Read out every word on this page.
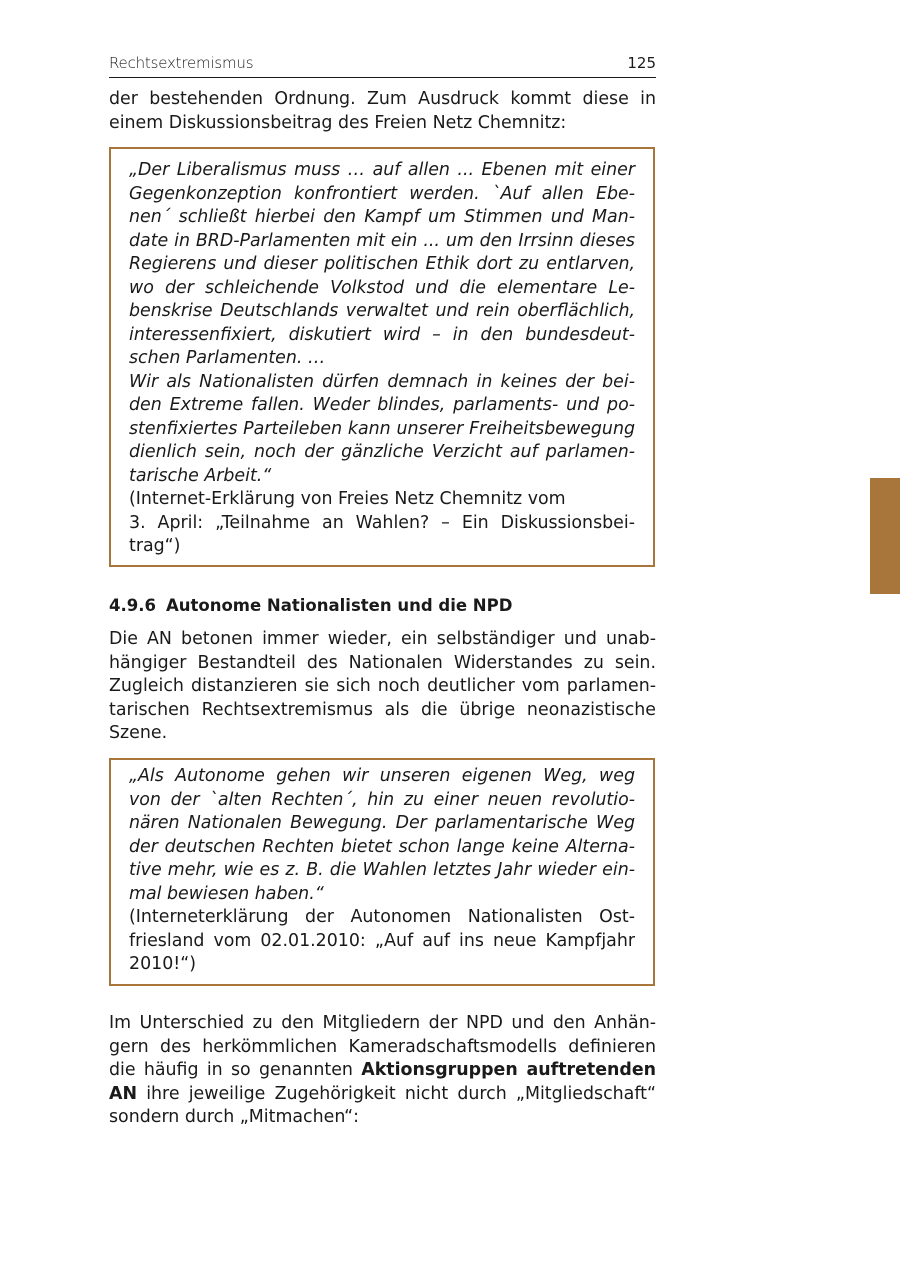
Rechtsextremismus	125
der bestehenden Ordnung. Zum Ausdruck kommt diese in
einem Diskussionsbeitrag des Freien Netz Chemnitz:
„Der Liberalismus muss … auf allen ... Ebenen mit einer
Gegenkonzeption konfrontiert werden. `Auf allen Ebe-
nen´ schließt hierbei den Kampf um Stimmen und Man-
date in BRD-Parlamenten mit ein ... um den Irrsinn dieses
Regierens und dieser politischen Ethik dort zu entlarven,
wo der schleichende Volkstod und die elementare Le-
benskrise Deutschlands verwaltet und rein oberflächlich,
interessenfixiert, diskutiert wird – in den bundesdeut-
schen Parlamenten. …
Wir als Nationalisten dürfen demnach in keines der bei-
den Extreme fallen. Weder blindes, parlaments- und po-
stenfixiertes Parteileben kann unserer Freiheitsbewegung
dienlich sein, noch der gänzliche Verzicht auf parlamen-
tarische Arbeit.“
(Internet-Erklärung von Freies Netz Chemnitz vom
3. April: „Teilnahme an Wahlen? – Ein Diskussionsbei-
trag“)
4.9.6 Autonome Nationalisten und die NPD
Die AN betonen immer wieder, ein selbständiger und unab-
hängiger Bestandteil des Nationalen Widerstandes zu sein.
Zugleich distanzieren sie sich noch deutlicher vom parlamen-
tarischen Rechtsextremismus als die übrige neonazistische
Szene.
„Als Autonome gehen wir unseren eigenen Weg, weg
von der `alten Rechten´, hin zu einer neuen revolutio-
nären Nationalen Bewegung. Der parlamentarische Weg
der deutschen Rechten bietet schon lange keine Alterna-
tive mehr, wie es z. B. die Wahlen letztes Jahr wieder ein-
mal bewiesen haben.“
(Interneterklärung der Autonomen Nationalisten Ost-
friesland vom 02.01.2010: „Auf auf ins neue Kampfjahr
2010!“)
Im Unterschied zu den Mitgliedern der NPD und den Anhän-
gern des herkömmlichen Kameradschaftsmodells definieren
die häufig in so genannten Aktionsgruppen auftretenden
AN ihre jeweilige Zugehörigkeit nicht durch „Mitgliedschaft“
sondern durch „Mitmachen“:
